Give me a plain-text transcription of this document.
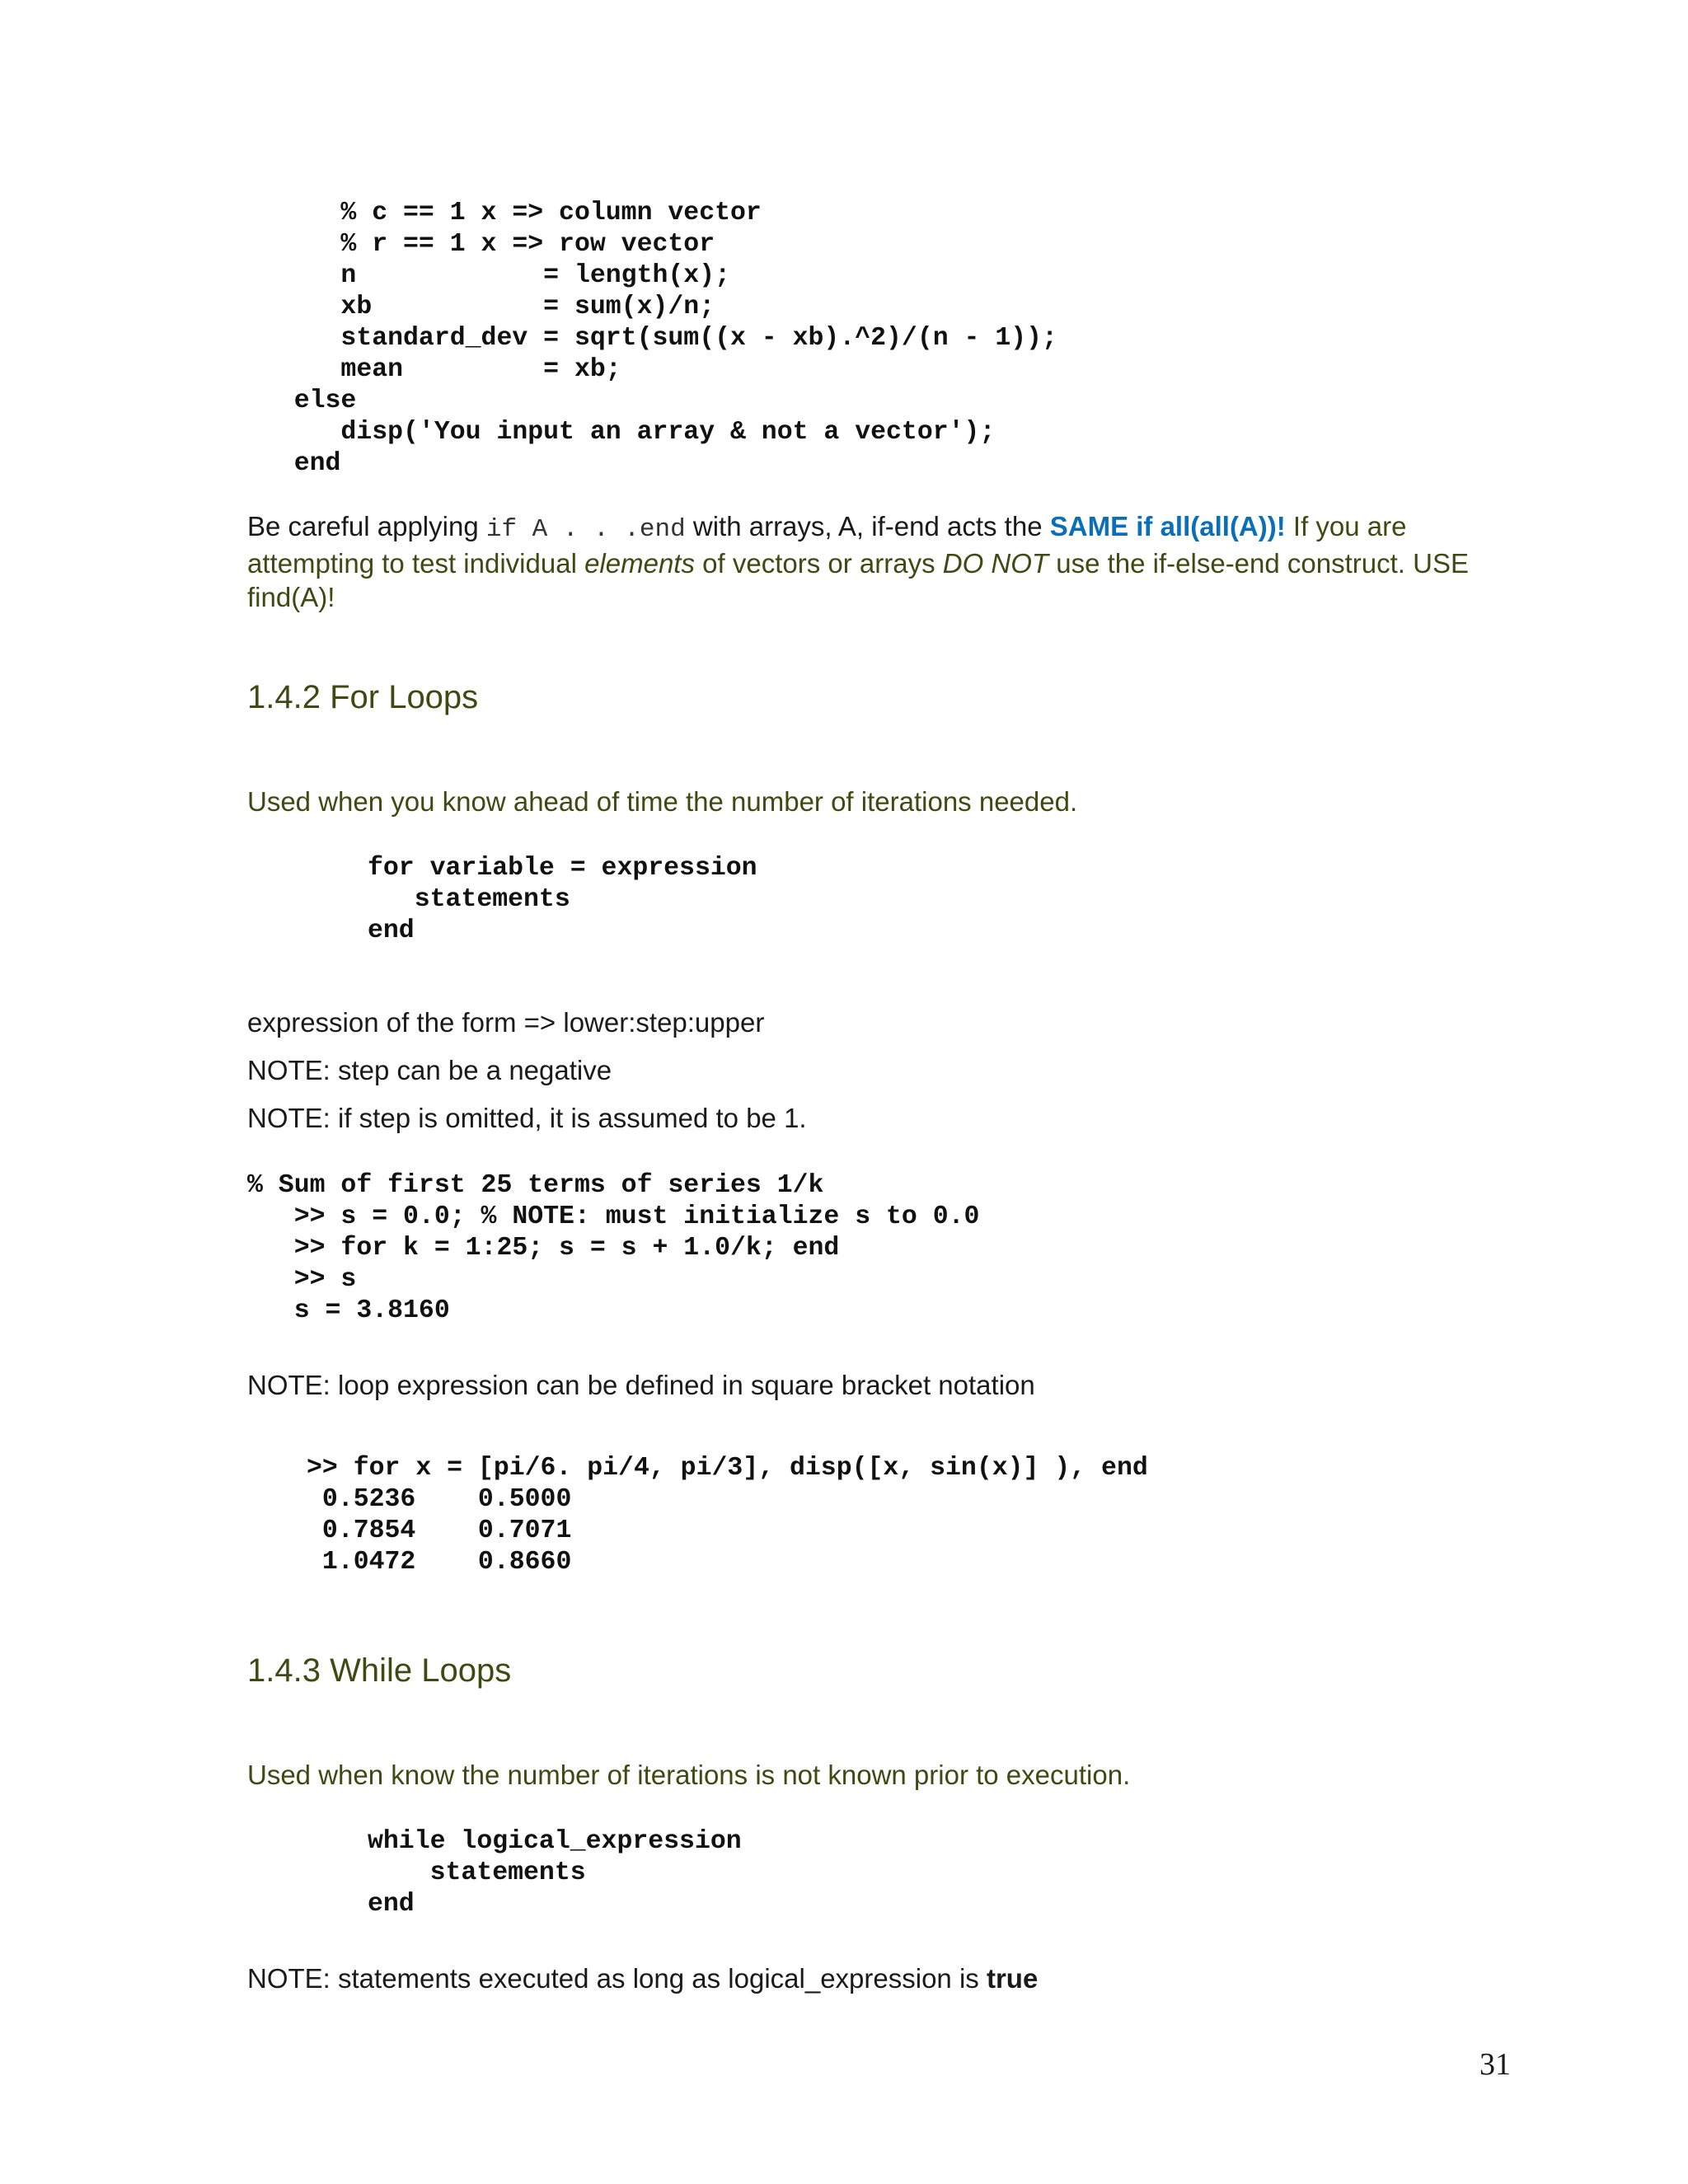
% c == 1 x => column vector
% r == 1 x => row vector
n            = length(x);
xb           = sum(x)/n;
standard_dev = sqrt(sum((x - xb).^2)/(n - 1));
mean         = xb;
else
disp('You input an array & not a vector');
end
Be careful applying if A . . .end with arrays, A, if-end acts the SAME if all(all(A))! If you are attempting to test individual elements of vectors or arrays DO NOT use the if-else-end construct. USE find(A)!
1.4.2 For Loops
Used when you know ahead of time the number of iterations needed.
for variable = expression
statements
end
expression of the form => lower:step:upper
NOTE: step can be a negative
NOTE: if step is omitted, it is assumed to be 1.
% Sum of first 25 terms of series 1/k
>> s = 0.0; % NOTE: must initialize s to 0.0
>> for k = 1:25; s = s + 1.0/k; end
>> s
s = 3.8160
NOTE: loop expression can be defined in square bracket notation
>> for x = [pi/6. pi/4, pi/3], disp([x, sin(x)] ), end
0.5236    0.5000
0.7854    0.7071
1.0472    0.8660
1.4.3 While Loops
Used when know the number of iterations is not known prior to execution.
while logical_expression
statements
end
NOTE: statements executed as long as logical_expression is true
31
